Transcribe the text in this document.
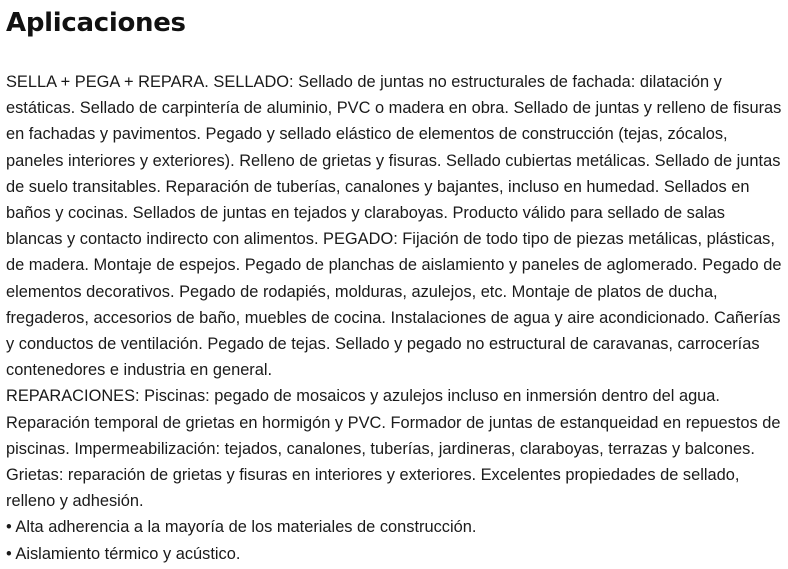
Aplicaciones
SELLA + PEGA + REPARA. SELLADO: Sellado de juntas no estructurales de fachada: dilatación y estáticas. Sellado de carpintería de aluminio, PVC o madera en obra. Sellado de juntas y relleno de fisuras en fachadas y pavimentos. Pegado y sellado elástico de elementos de construcción (tejas, zócalos, paneles interiores y exteriores). Relleno de grietas y fisuras. Sellado cubiertas metálicas. Sellado de juntas de suelo transitables. Reparación de tuberías, canalones y bajantes, incluso en humedad. Sellados en baños y cocinas. Sellados de juntas en tejados y claraboyas. Producto válido para sellado de salas blancas y contacto indirecto con alimentos. PEGADO: Fijación de todo tipo de piezas metálicas, plásticas, de madera. Montaje de espejos. Pegado de planchas de aislamiento y paneles de aglomerado. Pegado de elementos decorativos. Pegado de rodapiés, molduras, azulejos, etc. Montaje de platos de ducha, fregaderos, accesorios de baño, muebles de cocina. Instalaciones de agua y aire acondicionado. Cañerías y conductos de ventilación. Pegado de tejas. Sellado y pegado no estructural de caravanas, carrocerías contenedores e industria en general.
REPARACIONES: Piscinas: pegado de mosaicos y azulejos incluso en inmersión dentro del agua. Reparación temporal de grietas en hormigón y PVC. Formador de juntas de estanqueidad en repuestos de piscinas. Impermeabilización: tejados, canalones, tuberías, jardineras, claraboyas, terrazas y balcones. Grietas: reparación de grietas y fisuras en interiores y exteriores. Excelentes propiedades de sellado, relleno y adhesión.
• Alta adherencia a la mayoría de los materiales de construcción.
• Aislamiento térmico y acústico.
